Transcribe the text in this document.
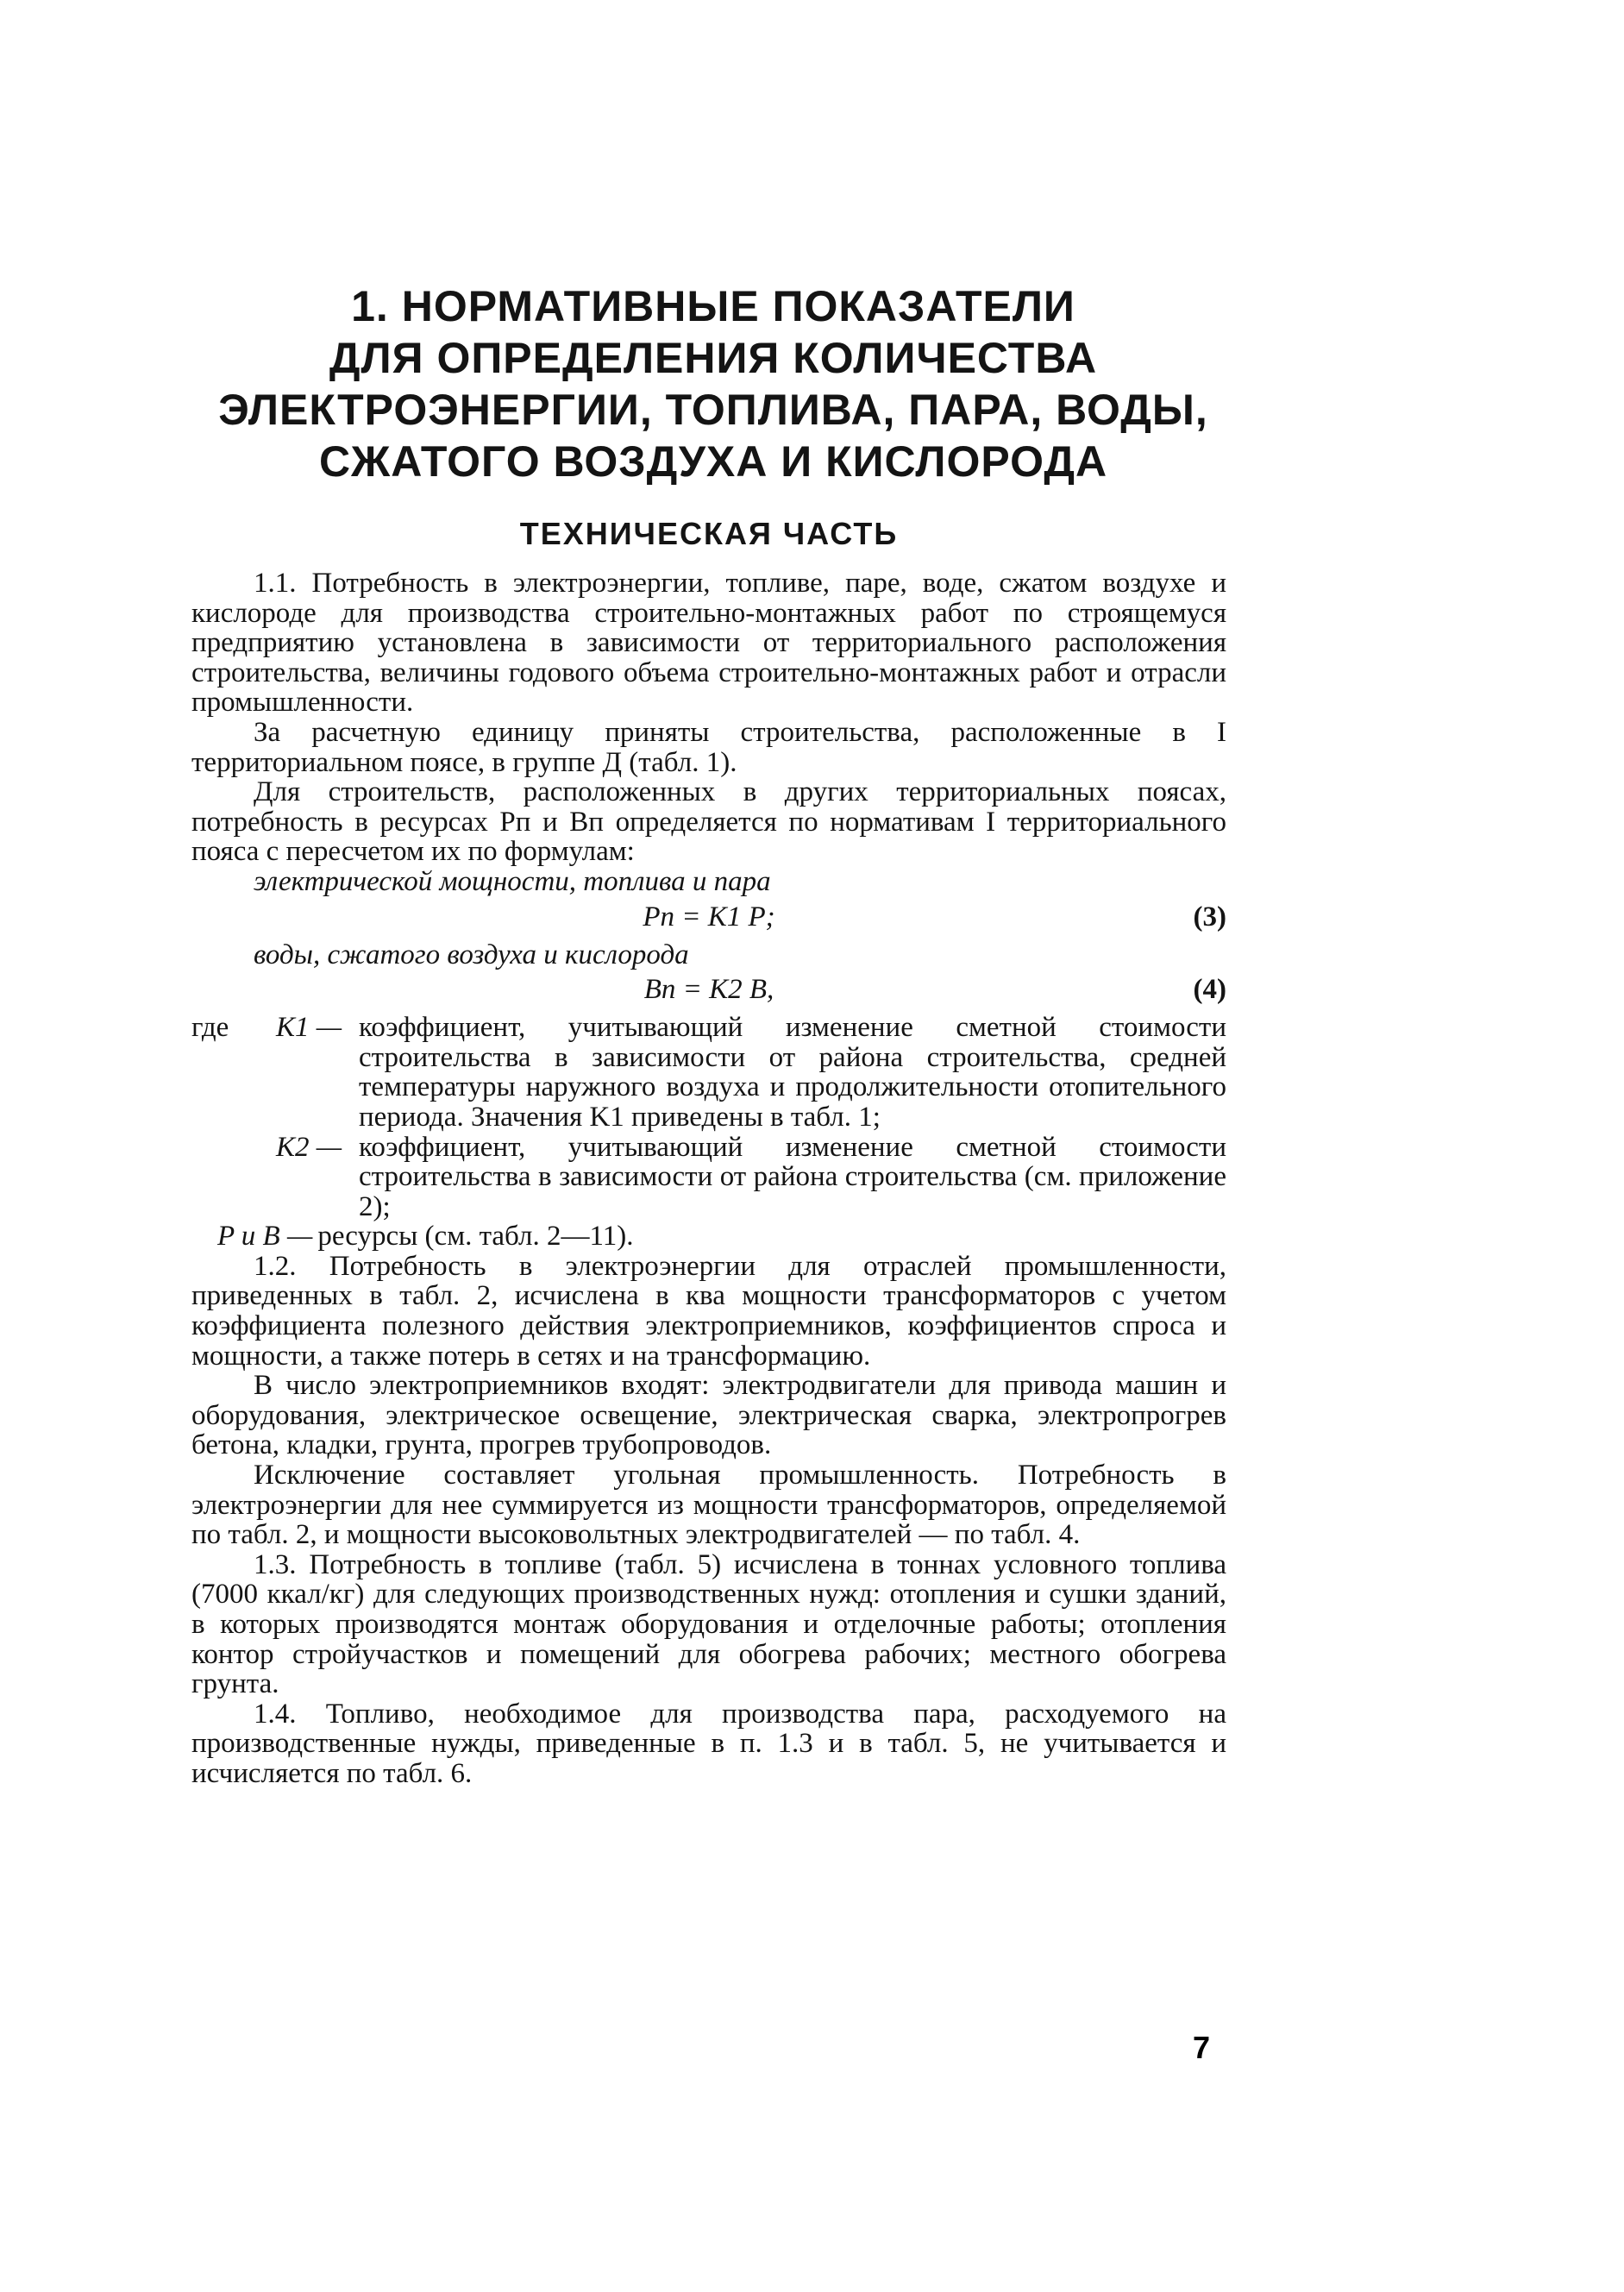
1. НОРМАТИВНЫЕ ПОКАЗАТЕЛИ
ДЛЯ ОПРЕДЕЛЕНИЯ КОЛИЧЕСТВА
ЭЛЕКТРОЭНЕРГИИ, ТОПЛИВА, ПАРА, ВОДЫ,
СЖАТОГО ВОЗДУХА И КИСЛОРОДА
ТЕХНИЧЕСКАЯ ЧАСТЬ

1.1. Потребность в электроэнергии, топливе, паре, воде, сжатом воздухе и кислороде для производства строительно-монтажных работ по строящемуся предприятию установлена в зависимости от территориального расположения строительства, величины годового объема строительно-монтажных работ и отрасли промышленности.

За расчетную единицу приняты строительства, расположенные в I территориальном поясе, в группе Д (табл. 1).

Для строительств, расположенных в других территориальных поясах, потребность в ресурсах Pп и Bп определяется по нормативам I территориального пояса с пересчетом их по формулам:

электрической мощности, топлива и пара
Pп = K1 P;	(3)
воды, сжатого воздуха и кислорода
Bп = K2 B,	(4)
где K1 — коэффициент, учитывающий изменение сметной стоимости строительства в зависимости от района строительства, средней температуры наружного воздуха и продолжительности отопительного периода. Значения K1 приведены в табл. 1;
K2 — коэффициент, учитывающий изменение сметной стоимости строительства в зависимости от района строительства (см. приложение 2);
P и B — ресурсы (см. табл. 2—11).

1.2. Потребность в электроэнергии для отраслей промышленности, приведенных в табл. 2, исчислена в ква мощности трансформаторов с учетом коэффициента полезного действия электроприемников, коэффициентов спроса и мощности, а также потерь в сетях и на трансформацию.

В число электроприемников входят: электродвигатели для привода машин и оборудования, электрическое освещение, электрическая сварка, электропрогрев бетона, кладки, грунта, прогрев трубопроводов.

Исключение составляет угольная промышленность. Потребность в электроэнергии для нее суммируется из мощности трансформаторов, определяемой по табл. 2, и мощности высоковольтных электродвигателей — по табл. 4.

1.3. Потребность в топливе (табл. 5) исчислена в тоннах условного топлива (7000 ккал/кг) для следующих производственных нужд: отопления и сушки зданий, в которых производятся монтаж оборудования и отделочные работы; отопления контор стройучастков и помещений для обогрева рабочих; местного обогрева грунта.

1.4. Топливо, необходимое для производства пара, расходуемого на производственные нужды, приведенные в п. 1.3 и в табл. 5, не учитывается и исчисляется по табл. 6.

7
